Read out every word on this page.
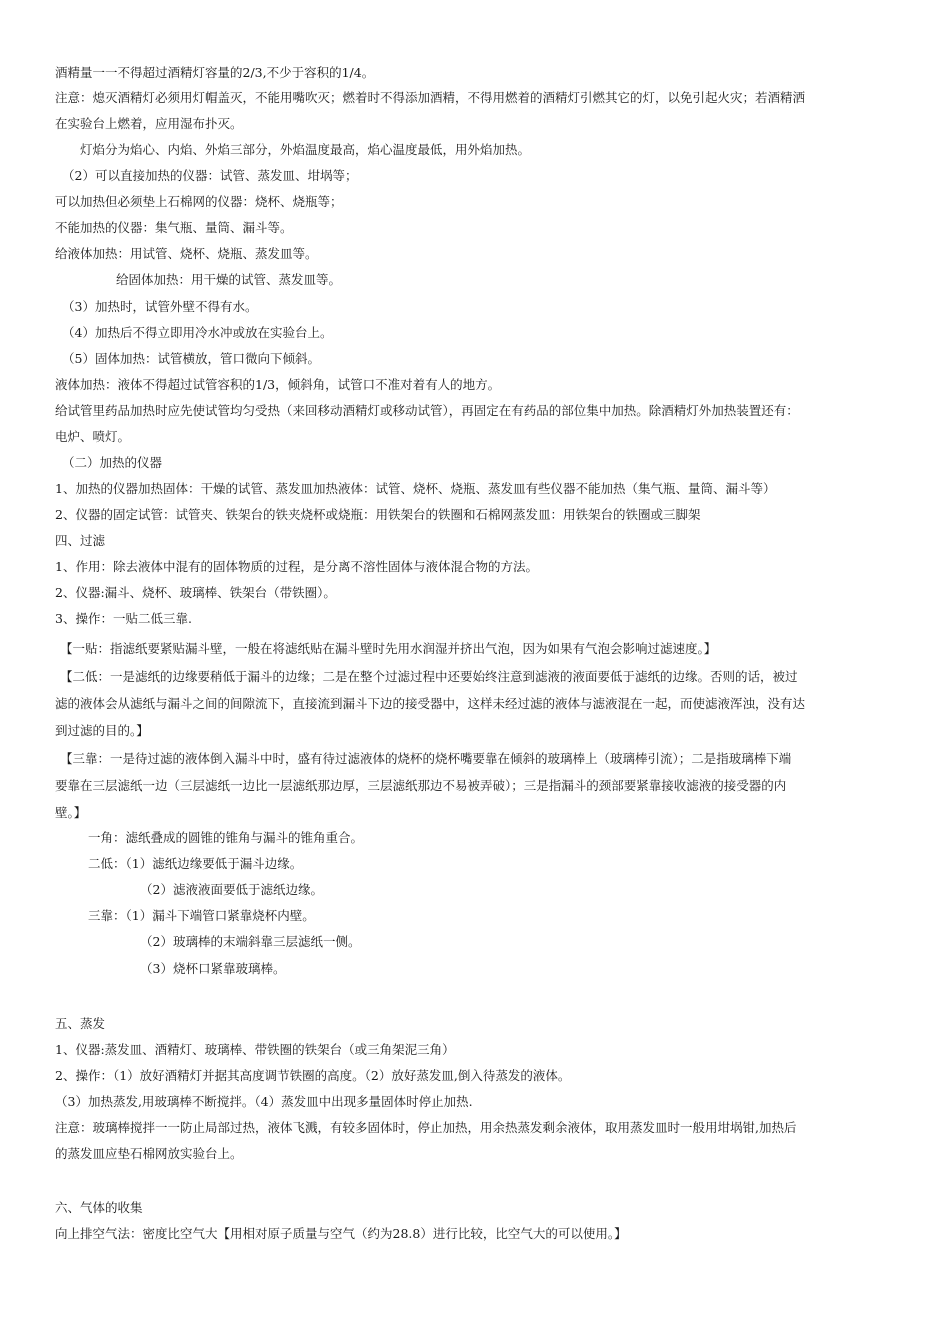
酒精量一一不得超过酒精灯容量的2/3,不少于容积的1/4。
注意：熄灭酒精灯必须用灯帽盖灭，不能用嘴吹灭；燃着时不得添加酒精，不得用燃着的酒精灯引燃其它的灯，以免引起火灾；若酒精洒
在实验台上燃着，应用湿布扑灭。
灯焰分为焰心、内焰、外焰三部分，外焰温度最高，焰心温度最低，用外焰加热。
（2）可以直接加热的仪器：试管、蒸发皿、坩埚等；
可以加热但必须垫上石棉网的仪器：烧杯、烧瓶等；
不能加热的仪器：集气瓶、量筒、漏斗等。
给液体加热：用试管、烧杯、烧瓶、蒸发皿等。
给固体加热：用干燥的试管、蒸发皿等。
（3）加热时，试管外壁不得有水。
（4）加热后不得立即用冷水冲或放在实验台上。
（5）固体加热：试管横放，管口微向下倾斜。
液体加热：液体不得超过试管容积的1/3，倾斜角，试管口不准对着有人的地方。
给试管里药品加热时应先使试管均匀受热（来回移动酒精灯或移动试管），再固定在有药品的部位集中加热。除酒精灯外加热装置还有：
电炉、喷灯。
（二）加热的仪器
1、加热的仪器加热固体：干燥的试管、蒸发皿加热液体：试管、烧杯、烧瓶、蒸发皿有些仪器不能加热（集气瓶、量筒、漏斗等）
2、仪器的固定试管：试管夹、铁架台的铁夹烧杯或烧瓶：用铁架台的铁圈和石棉网蒸发皿：用铁架台的铁圈或三脚架
四、过滤
1、作用：除去液体中混有的固体物质的过程，是分离不溶性固体与液体混合物的方法。
2、仪器:漏斗、烧杯、玻璃棒、铁架台（带铁圈）。
3、操作：一贴二低三靠.
【一贴：指滤纸要紧贴漏斗壁，一般在将滤纸贴在漏斗壁时先用水润湿并挤出气泡，因为如果有气泡会影响过滤速度。】
【二低：一是滤纸的边缘要稍低于漏斗的边缘；二是在整个过滤过程中还要始终注意到滤液的液面要低于滤纸的边缘。否则的话，被过
滤的液体会从滤纸与漏斗之间的间隙流下，直接流到漏斗下边的接受器中，这样未经过滤的液体与滤液混在一起，而使滤液浑浊，没有达
到过滤的目的。】
【三靠：一是待过滤的液体倒入漏斗中时，盛有待过滤液体的烧杯的烧杯嘴要靠在倾斜的玻璃棒上（玻璃棒引流）；二是指玻璃棒下端
要靠在三层滤纸一边（三层滤纸一边比一层滤纸那边厚，三层滤纸那边不易被弄破）；三是指漏斗的颈部要紧靠接收滤液的接受器的内
壁。】
一角：滤纸叠成的圆锥的锥角与漏斗的锥角重合。
二低：（1）滤纸边缘要低于漏斗边缘。
（2）滤液液面要低于滤纸边缘。
三靠：（1）漏斗下端管口紧靠烧杯内壁。
（2）玻璃棒的末端斜靠三层滤纸一侧。
（3）烧杯口紧靠玻璃棒。
五、蒸发
1、仪器:蒸发皿、酒精灯、玻璃棒、带铁圈的铁架台（或三角架泥三角）
2、操作：（1）放好酒精灯并据其高度调节铁圈的高度。（2）放好蒸发皿,倒入待蒸发的液体。
（3）加热蒸发,用玻璃棒不断搅拌。（4）蒸发皿中出现多量固体时停止加热.
注意：玻璃棒搅拌一一防止局部过热，液体飞溅，有较多固体时，停止加热，用余热蒸发剩余液体，取用蒸发皿时一般用坩埚钳,加热后
的蒸发皿应垫石棉网放实验台上。
六、气体的收集
向上排空气法：密度比空气大【用相对原子质量与空气（约为28.8）进行比较，比空气大的可以使用。】
